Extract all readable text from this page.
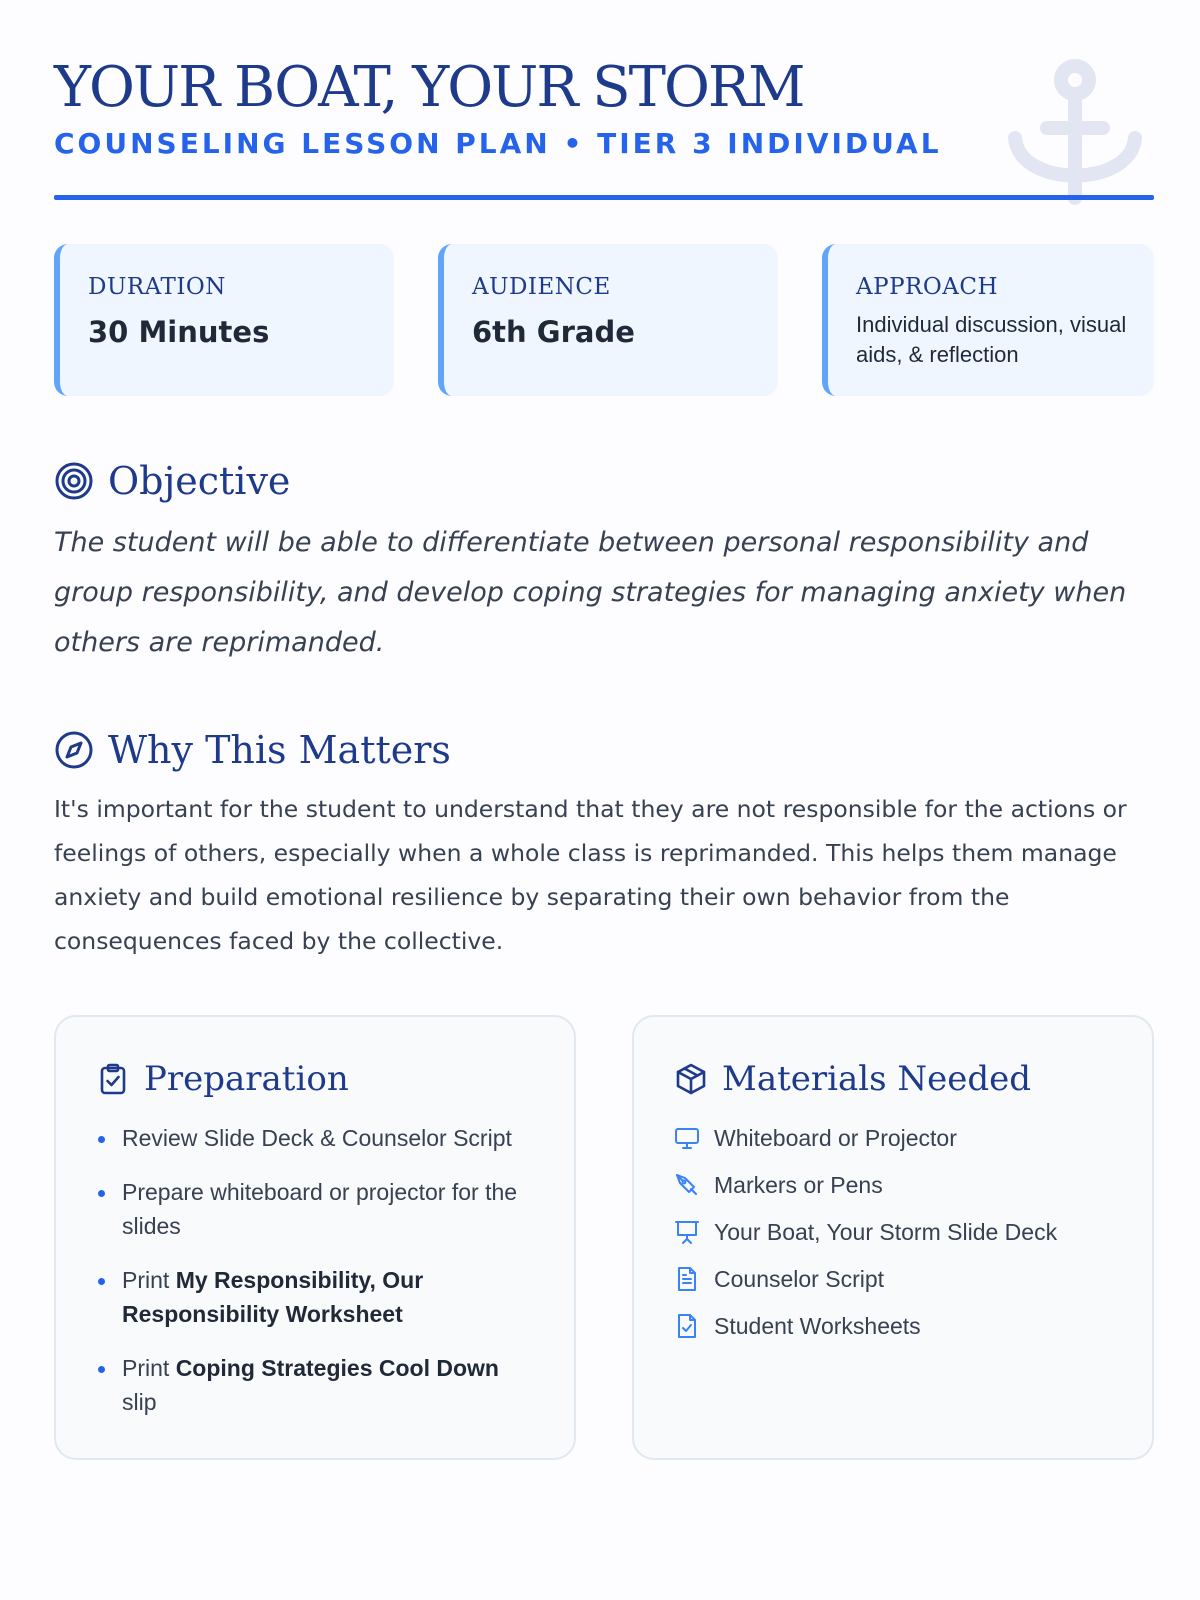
YOUR BOAT, YOUR STORM
COUNSELING LESSON PLAN • TIER 3 INDIVIDUAL
DURATION
30 Minutes
AUDIENCE
6th Grade
APPROACH
Individual discussion, visual aids, & reflection
Objective

The student will be able to differentiate between personal responsibility and group responsibility, and develop coping strategies for managing anxiety when others are reprimanded.

Why This Matters

It's important for the student to understand that they are not responsible for the actions or feelings of others, especially when a whole class is reprimanded. This helps them manage anxiety and build emotional resilience by separating their own behavior from the consequences faced by the collective.

Preparation
Review Slide Deck & Counselor Script
Prepare whiteboard or projector for the slides
Print My Responsibility, Our Responsibility Worksheet
Print Coping Strategies Cool Down slip
Materials Needed
Whiteboard or Projector
Markers or Pens
Your Boat, Your Storm Slide Deck
Counselor Script
Student Worksheets
